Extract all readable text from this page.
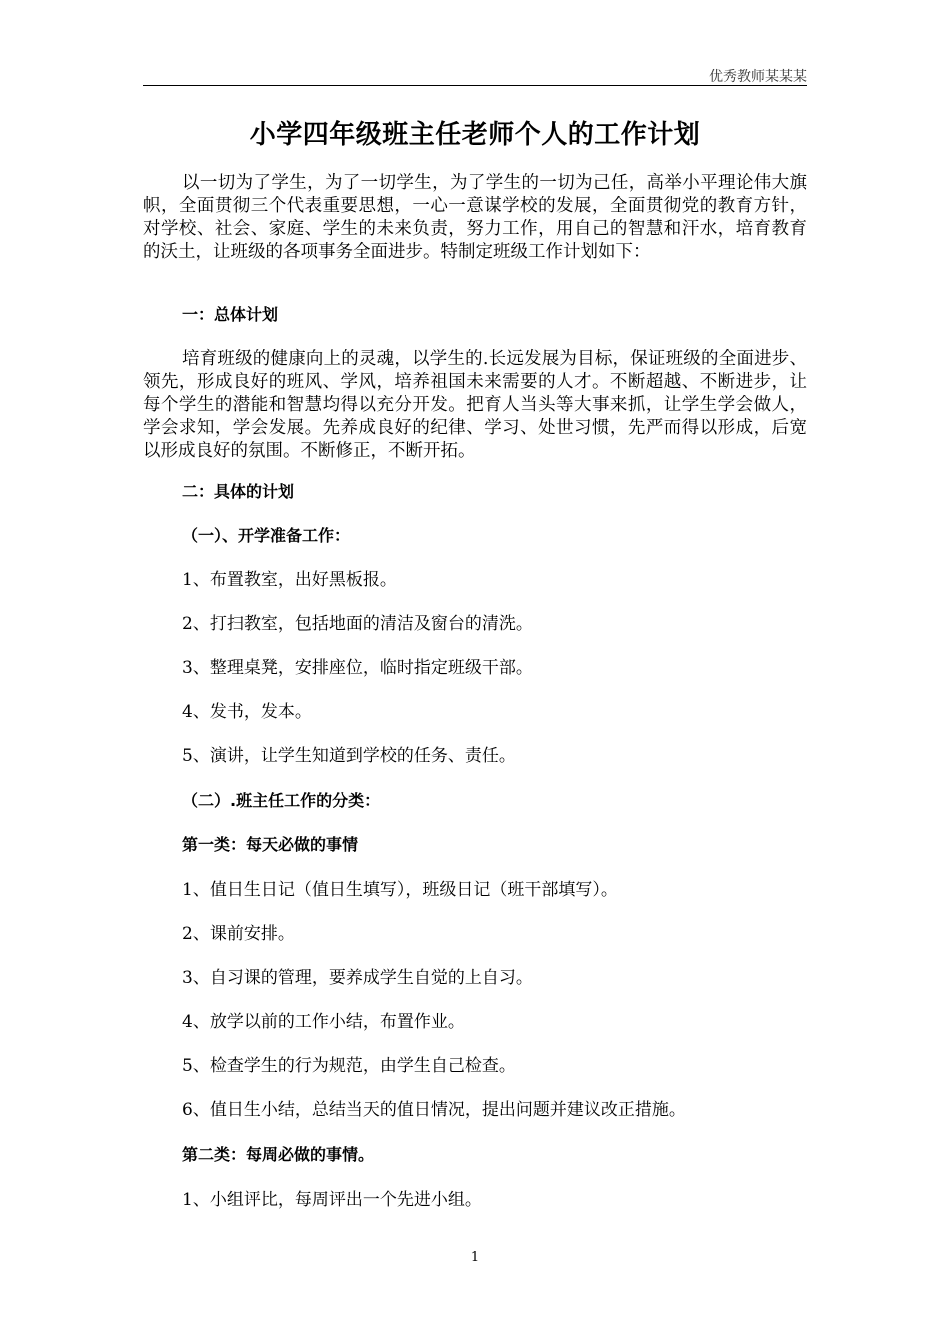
优秀教师某某某
小学四年级班主任老师个人的工作计划

以一切为了学生，为了一切学生，为了学生的一切为己任，高举小平理论伟大旗帜，全面贯彻三个代表重要思想，一心一意谋学校的发展，全面贯彻党的教育方针，对学校、社会、家庭、学生的未来负责，努力工作，用自己的智慧和汗水，培育教育的沃土，让班级的各项事务全面进步。特制定班级工作计划如下：

一：总体计划

培育班级的健康向上的灵魂，以学生的.长远发展为目标，保证班级的全面进步、领先，形成良好的班风、学风，培养祖国未来需要的人才。不断超越、不断进步，让每个学生的潜能和智慧均得以充分开发。把育人当头等大事来抓，让学生学会做人，学会求知，学会发展。先养成良好的纪律、学习、处世习惯，先严而得以形成，后宽以形成良好的氛围。不断修正，不断开拓。

二：具体的计划
（一）、开学准备工作：
1、布置教室，出好黑板报。
2、打扫教室，包括地面的清洁及窗台的清洗。
3、整理桌凳，安排座位，临时指定班级干部。
4、发书，发本。
5、演讲，让学生知道到学校的任务、责任。
（二）.班主任工作的分类：
第一类：每天必做的事情
1、值日生日记（值日生填写），班级日记（班干部填写）。
2、课前安排。
3、自习课的管理，要养成学生自觉的上自习。
4、放学以前的工作小结，布置作业。
5、检查学生的行为规范，由学生自己检查。
6、值日生小结，总结当天的值日情况，提出问题并建议改正措施。
第二类：每周必做的事情。
1、小组评比，每周评出一个先进小组。
1
